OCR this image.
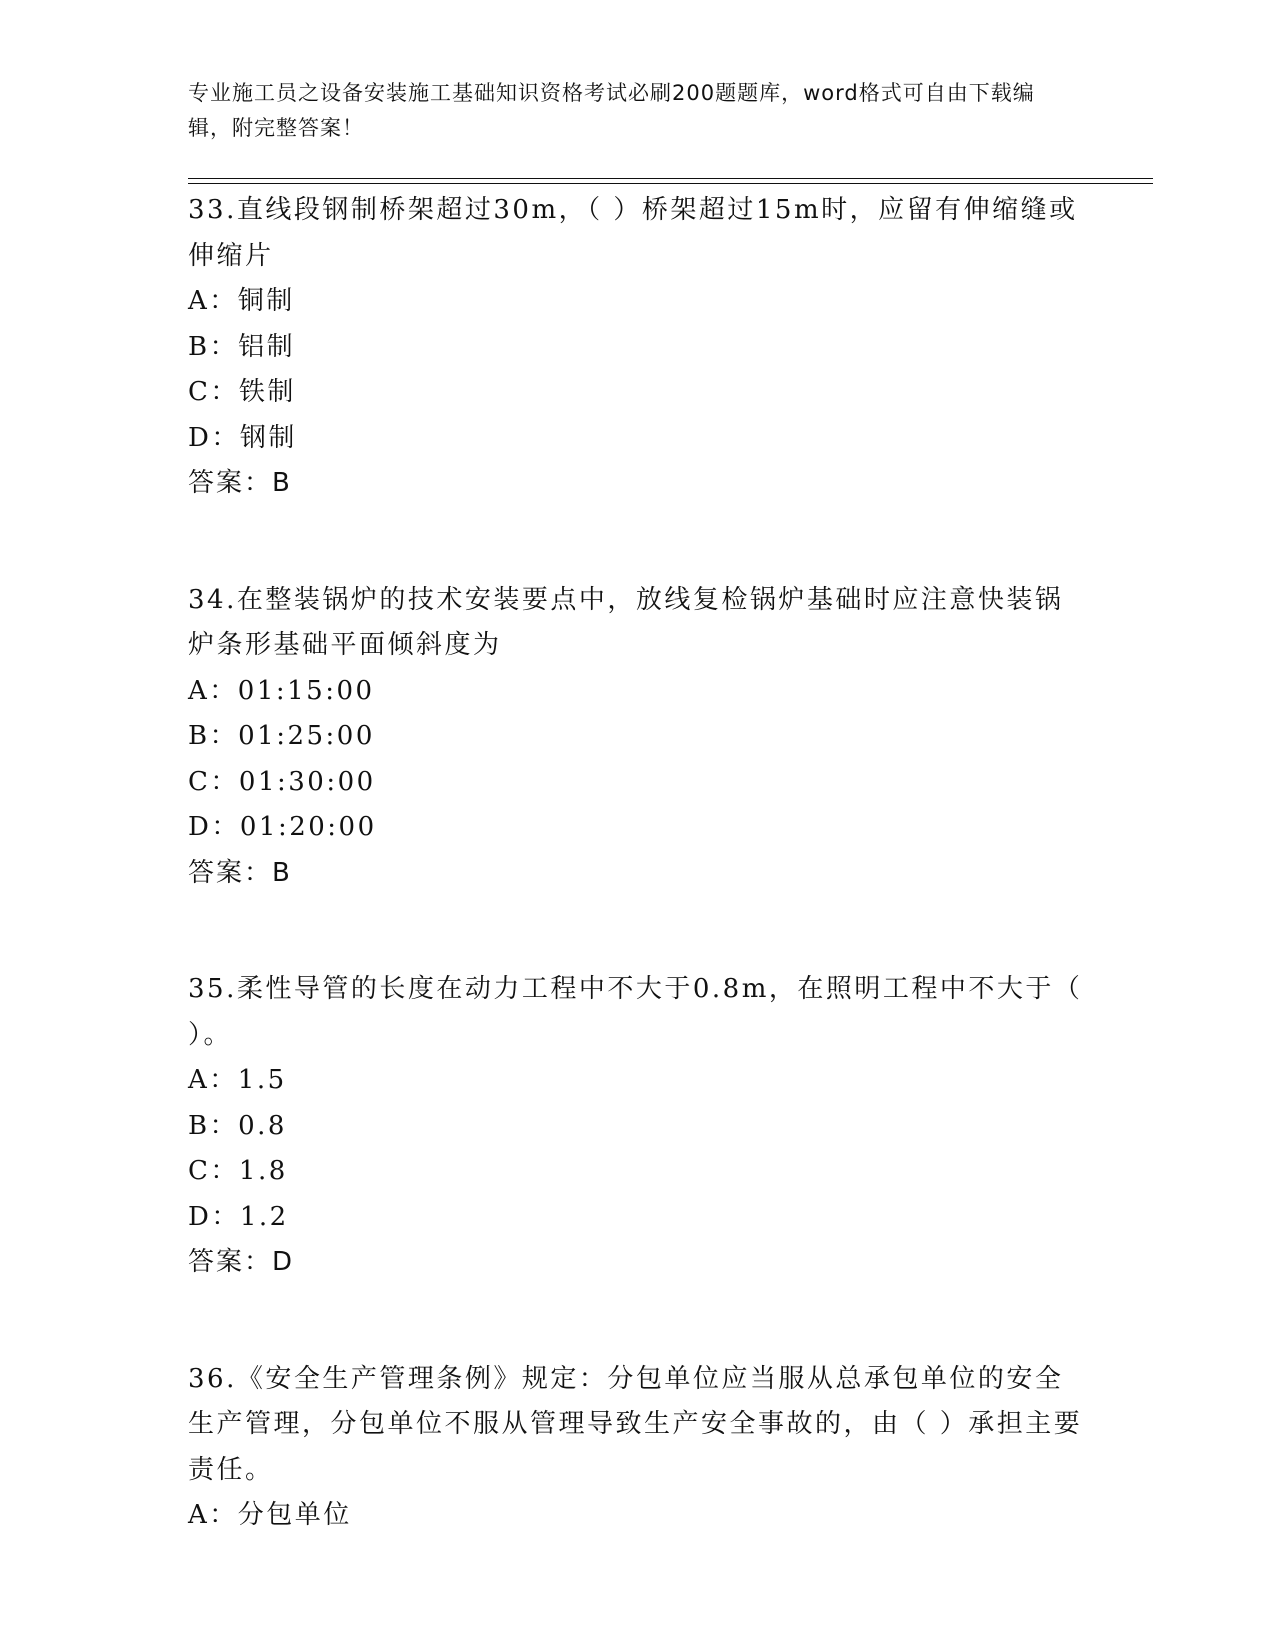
专业施工员之设备安装施工基础知识资格考试必刷200题题库，word格式可自由下载编辑，附完整答案！
33.直线段钢制桥架超过30m，（ ）桥架超过15m时，应留有伸缩缝或伸缩片
A：铜制
B：铝制
C：铁制
D：钢制
答案：B
34.在整装锅炉的技术安装要点中，放线复检锅炉基础时应注意快装锅炉条形基础平面倾斜度为
A：01:15:00
B：01:25:00
C：01:30:00
D：01:20:00
答案：B
35.柔性导管的长度在动力工程中不大于0.8m，在照明工程中不大于（ ）。
A：1.5
B：0.8
C：1.8
D：1.2
答案：D
36.《安全生产管理条例》规定：分包单位应当服从总承包单位的安全生产管理，分包单位不服从管理导致生产安全事故的，由（ ）承担主要责任。
A：分包单位
